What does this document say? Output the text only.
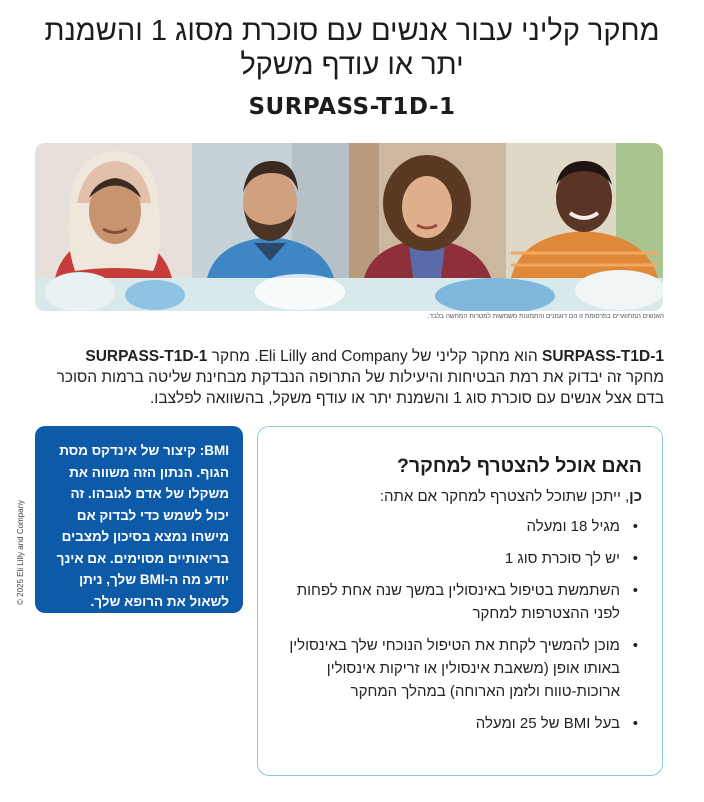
מחקר קליני עבור אנשים עם סוכרת מסוג 1 והשמנת יתר או עודף משקל
SURPASS-T1D-1
האנשים המתוארים בפרסומת זו הם דוגמנים והתמונות משמשות למטרות המחשה בלבד.
SURPASS-T1D-1 הוא מחקר קליני של Eli Lilly and Company. מחקר SURPASS-T1D-1 מחקר זה יבדוק את רמת הבטיחות והיעילות של התרופה הנבדקת מבחינת שליטה ברמות הסוכר בדם אצל אנשים עם סוכרת סוג 1 והשמנת יתר או עודף משקל, בהשוואה לפלצבו.
BMI: קיצור של אינדקס מסת הגוף. הנתון הזה משווה את משקלו של אדם לגובהו. זה יכול לשמש כדי לבדוק אם מישהו נמצא בסיכון למצבים בריאותיים מסוימים. אם אינך יודע מה ה-BMI שלך, ניתן לשאול את הרופא שלך.
© 2025 Eli Lilly and Company
האם אוכל להצטרף למחקר?
כן, ייתכן שתוכל להצטרף למחקר אם אתה:
• מגיל 18 ומעלה
• יש לך סוכרת סוג 1
• השתמשת בטיפול באינסולין במשך שנה אחת לפחות לפני ההצטרפות למחקר
• מוכן להמשיך לקחת את הטיפול הנוכחי שלך באינסולין באותו אופן (משאבת אינסולין או זריקות אינסולין ארוכות-טווח ולזמן הארוחה) במהלך המחקר
• בעל BMI של 25 ומעלה
